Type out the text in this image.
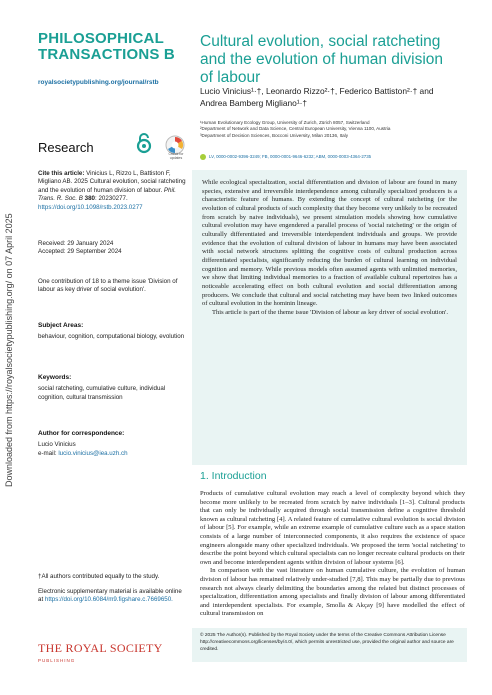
Downloaded from https://royalsocietypublishing.org/ on 07 April 2025
PHILOSOPHICAL
TRANSACTIONS B
royalsocietypublishing.org/journal/rstb
Research	Check for updates
Cite this article: Vinicius L, Rizzo L, Battiston F, Migliano AB. 2025 Cultural evolution, social ratcheting and the evolution of human division of labour. Phil. Trans. R. Soc. B 380: 20230277. https://doi.org/10.1098/rstb.2023.0277
Received: 29 January 2024
Accepted: 29 September 2024
One contribution of 18 to a theme issue 'Division of labour as key driver of social evolution'.
Subject Areas:
behaviour, cognition, computational biology, evolution
Keywords:
social ratcheting, cumulative culture, individual cognition, cultural transmission
Author for correspondence:
Lucio Vinicius
e-mail: lucio.vinicius@iea.uzh.ch
†All authors contributed equally to the study.
Electronic supplementary material is available online at https://doi.org/10.6084/m9.figshare.c.7669650.
THE ROYAL SOCIETY
PUBLISHING
Cultural evolution, social ratcheting and the evolution of human division of labour
Lucio Vinicius¹·†, Leonardo Rizzo²·†, Federico Battiston²·† and Andrea Bamberg Migliano¹·†
¹Human Evolutionary Ecology Group, University of Zurich, Zürich 8057, Switzerland
²Department of Network and Data Science, Central European University, Vienna 1100, Austria
³Department of Decision Sciences, Bocconi University, Milan 20136, Italy
LV, 0000-0002-9396-3249; FB, 0000-0001-9646-6232; ABM, 0000-0003-4364-2735

While ecological specialization, social differentiation and division of labour are found in many species, extensive and irreversible interdependence among culturally specialized producers is a characteristic feature of humans. By extending the concept of cultural ratcheting (or the evolution of cultural products of such complexity that they become very unlikely to be recreated from scratch by naive individuals), we present simulation models showing how cumulative cultural evolution may have engendered a parallel process of 'social ratcheting' or the origin of culturally differentiated and irreversible interdependent individuals and groups. We provide evidence that the evolution of cultural division of labour in humans may have been associated with social network structures splitting the cognitive costs of cultural production across differentiated specialists, significantly reducing the burden of cultural learning on individual cognition and memory. While previous models often assumed agents with unlimited memories, we show that limiting individual memories to a fraction of available cultural repertoires has a noticeable accelerating effect on both cultural evolution and social differentiation among producers. We conclude that cultural and social ratcheting may have been two linked outcomes of cultural evolution in the hominin lineage.

This article is part of the theme issue 'Division of labour as key driver of social evolution'.

1. Introduction

Products of cumulative cultural evolution may reach a level of complexity beyond which they become more unlikely to be recreated from scratch by naive individuals [1–3]. Cultural products that can only be individually acquired through social transmission define a cognitive threshold known as cultural ratcheting [4]. A related feature of cumulative cultural evolution is social division of labour [5]. For example, while an extreme example of cumulative culture such as a space station consists of a large number of interconnected components, it also requires the existence of space engineers alongside many other specialized individuals. We proposed the term 'social ratcheting' to describe the point beyond which cultural specialists can no longer recreate cultural products on their own and become interdependent agents within division of labour systems [6].

In comparison with the vast literature on human cumulative culture, the evolution of human division of labour has remained relatively under-studied [7,8]. This may be partially due to previous research not always clearly delimiting the boundaries among the related but distinct processes of specialization, differentiation among specialists and finally division of labour among differentiated and interdependent specialists. For example, Smolla & Akçay [9] have modelled the effect of cultural transmission on

© 2025 The Author(s). Published by the Royal Society under the terms of the Creative Commons Attribution License http://creativecommons.org/licenses/by/4.0/, which permits unrestricted use, provided the original author and source are credited.
